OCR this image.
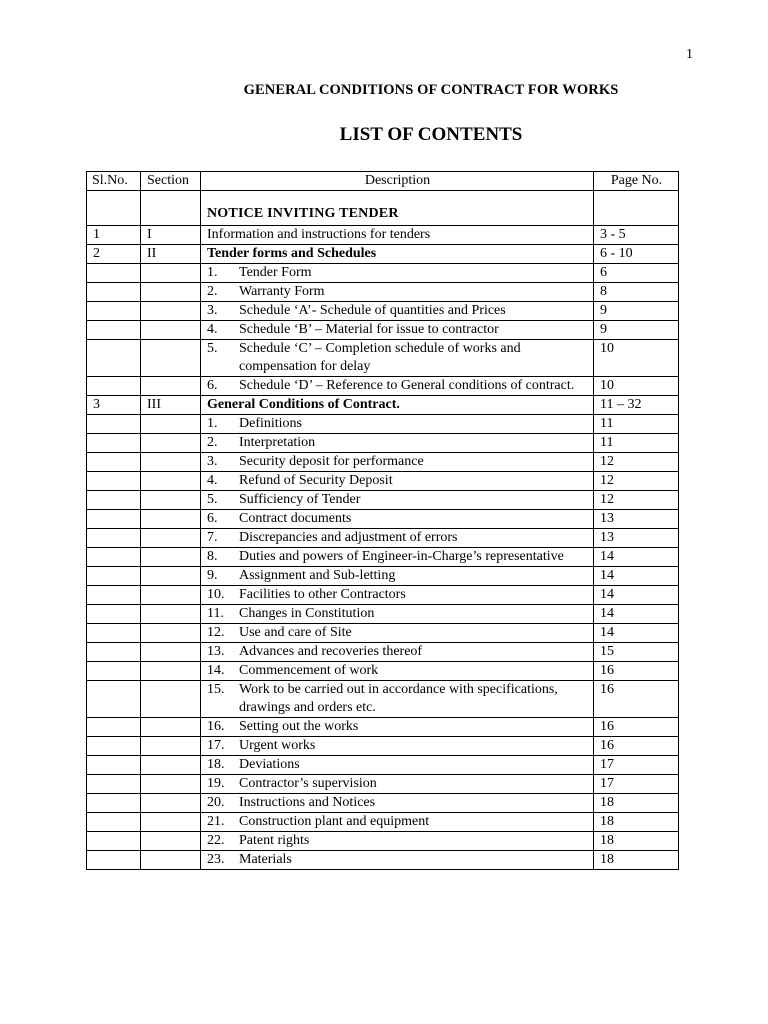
1
GENERAL CONDITIONS OF CONTRACT FOR WORKS
LIST OF CONTENTS
Sl.No.	Section	Description	Page No.

		NOTICE INVITING TENDER	

1	I	Information and instructions for tenders	3 - 5
2	II	Tender forms and Schedules	6 - 10

		1. Tender Form	6

		2. Warranty Form	8

		3. Schedule ‘A’- Schedule of quantities and Prices	9

		4. Schedule ‘B’ – Material for issue to contractor	9

		5. Schedule ‘C’ – Completion schedule of works and compensation for delay	10

		6. Schedule ‘D’ – Reference to General conditions of contract.	10
3	III	General Conditions of Contract.	11 – 32

		1. Definitions	11

		2. Interpretation	11

		3. Security deposit for performance	12

		4. Refund of Security Deposit	12

		5. Sufficiency of Tender	12

		6. Contract documents	13

		7. Discrepancies and adjustment of errors	13

		8. Duties and powers of Engineer-in-Charge’s representative	14

		9. Assignment and Sub-letting	14

		10. Facilities to other Contractors	14

		11. Changes in Constitution	14

		12. Use and care of Site	14

		13. Advances and recoveries thereof	15

		14. Commencement of work	16

		15. Work to be carried out in accordance with specifications, drawings and orders etc.	16

		16. Setting out the works	16

		17. Urgent works	16

		18. Deviations	17

		19. Contractor’s supervision	17

		20. Instructions and Notices	18

		21. Construction plant and equipment	18

		22. Patent rights	18

		23. Materials	18
